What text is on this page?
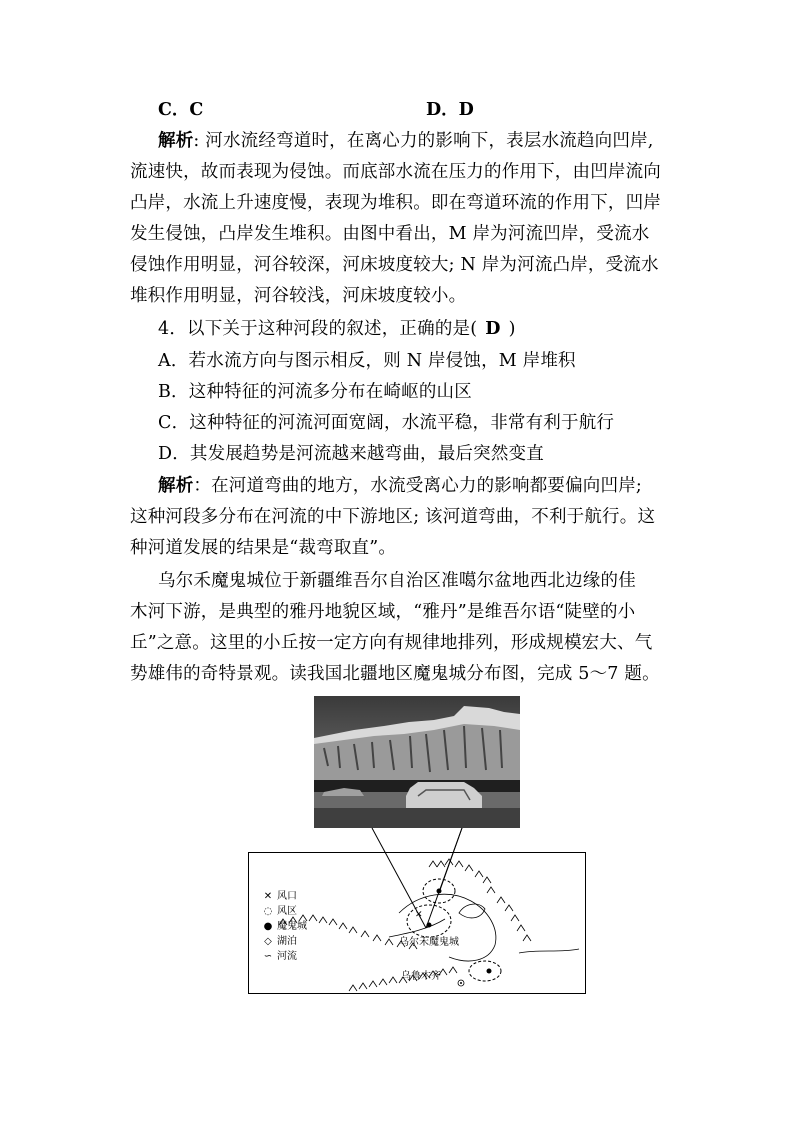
C．C	D．D
解析: 河水流经弯道时，在离心力的影响下，表层水流趋向凹岸,
流速快，故而表现为侵蚀。而底部水流在压力的作用下，由凹岸流向
凸岸，水流上升速度慢，表现为堆积。即在弯道环流的作用下，凹岸
发生侵蚀，凸岸发生堆积。由图中看出，M 岸为河流凹岸，受流水
侵蚀作用明显，河谷较深，河床坡度较大; N 岸为河流凸岸，受流水
堆积作用明显，河谷较浅，河床坡度较小。
4．以下关于这种河段的叙述，正确的是( D )
A．若水流方向与图示相反，则 N 岸侵蚀，M 岸堆积
B．这种特征的河流多分布在崎岖的山区
C．这种特征的河流河面宽阔，水流平稳，非常有利于航行
D．其发展趋势是河流越来越弯曲，最后突然变直
解析：在河道弯曲的地方，水流受离心力的影响都要偏向凹岸;
这种河段多分布在河流的中下游地区; 该河道弯曲，不利于航行。这
种河道发展的结果是“裁弯取直”。
乌尔禾魔鬼城位于新疆维吾尔自治区准噶尔盆地西北边缘的佳
木河下游，是典型的雅丹地貌区域，“雅丹”是维吾尔语“陡壁的小
丘”之意。这里的小丘按一定方向有规律地排列，形成规模宏大、气
势雄伟的奇特景观。读我国北疆地区魔鬼城分布图，完成 5～7 题。
✕
✕ 风口
◌ 风区
● 魔鬼城
◇ 湖泊
∽ 河流
乌尔禾魔鬼城
乌鲁木齐
